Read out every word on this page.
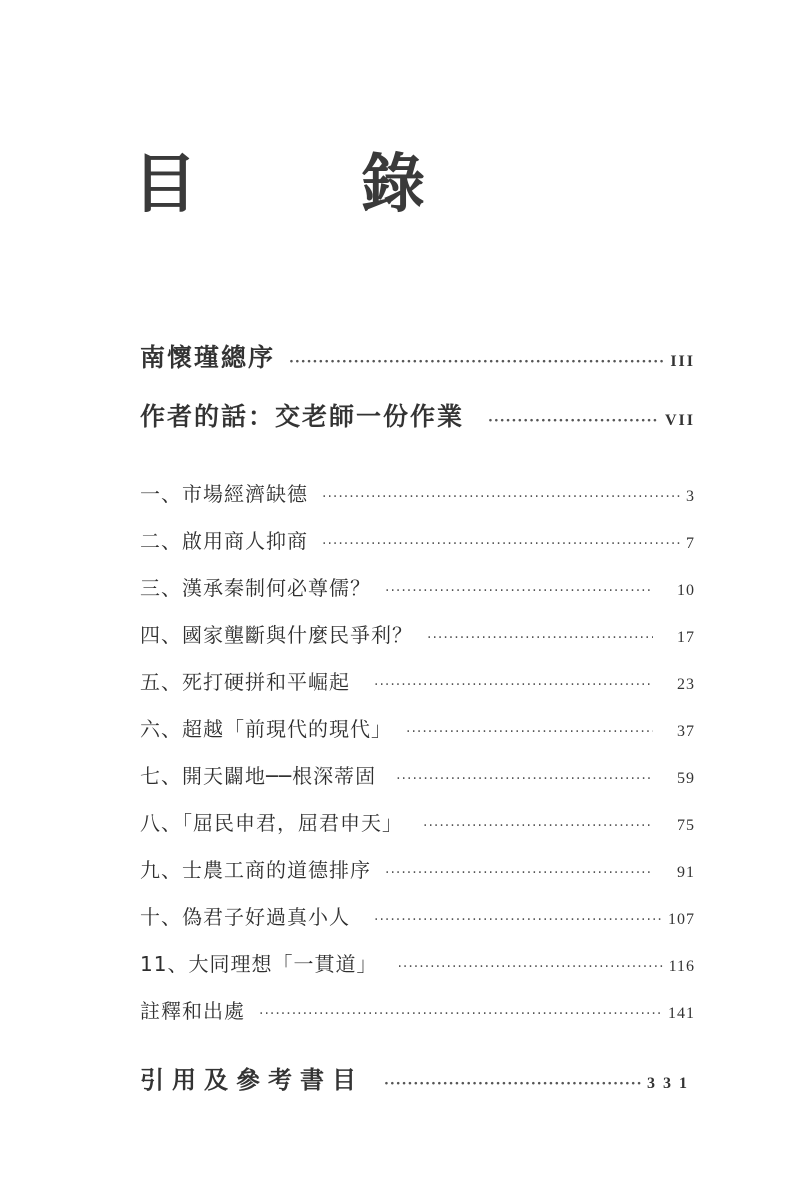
目　錄
南懷瑾總序 ·····	III
作者的話：交老師一份作業 ·····	VII
一、市場經濟缺德 ·····	3
二、啟用商人抑商 ·····	7
三、漢承秦制何必尊儒？ ·····	10
四、國家壟斷與什麼民爭利？ ·····	17
五、死打硬拼和平崛起 ·····	23
六、超越「前現代的現代」 ·····	37
七、開天闢地──根深蒂固 ·····	59
八、「屈民申君，屈君申天」 ·····	75
九、士農工商的道德排序 ·····	91
十、偽君子好過真小人 ·····	107
11、大同理想「一貫道」 ·····	116
註釋和出處 ·····	141
引用及參考書目 ·····	331
